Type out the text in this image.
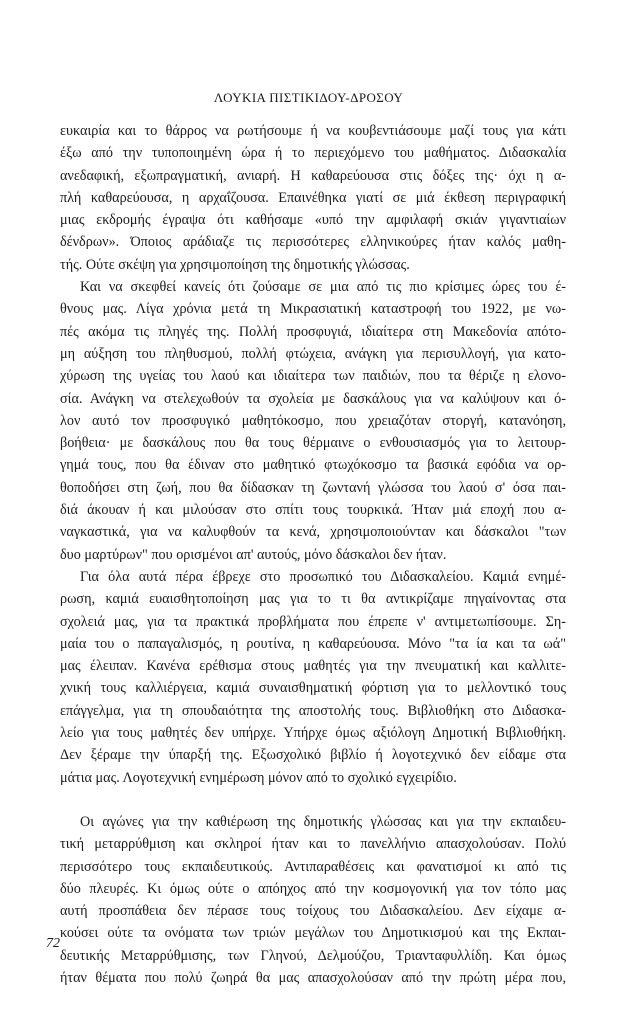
ΛΟΥΚΙΑ ΠΙΣΤΙΚΙΔΟΥ-ΔΡΟΣΟΥ
ευκαιρία και το θάρρος να ρωτήσουμε ή να κουβεντιάσουμε μαζί τους για κάτι
έξω από την τυποποιημένη ώρα ή το περιεχόμενο του μαθήματος. Διδασκαλία
ανεδαφική, εξωπραγματική, ανιαρή. Η καθαρεύουσα στις δόξες της· όχι η α-
πλή καθαρεύουσα, η αρχαΐζουσα. Επαινέθηκα γιατί σε μιά έκθεση περιγραφική
μιας εκδρομής έγραψα ότι καθήσαμε «υπό την αμφιλαφή σκιάν γιγαντιαίων
δένδρων». Όποιος αράδιαζε τις περισσότερες ελληνικούρες ήταν καλός μαθη-
τής. Ούτε σκέψη για χρησιμοποίηση της δημοτικής γλώσσας.
Και να σκεφθεί κανείς ότι ζούσαμε σε μια από τις πιο κρίσιμες ώρες του έ-
θνους μας. Λίγα χρόνια μετά τη Μικρασιατική καταστροφή του 1922, με νω-
πές ακόμα τις πληγές της. Πολλή προσφυγιά, ιδιαίτερα στη Μακεδονία απότο-
μη αύξηση του πληθυσμού, πολλή φτώχεια, ανάγκη για περισυλλογή, για κατο-
χύρωση της υγείας του λαού και ιδιαίτερα των παιδιών, που τα θέριζε η ελονο-
σία. Ανάγκη να στελεχωθούν τα σχολεία με δασκάλους για να καλύψουν και ό-
λον αυτό τον προσφυγικό μαθητόκοσμο, που χρειαζόταν στοργή, κατανόηση,
βοήθεια· με δασκάλους που θα τους θέρμαινε ο ενθουσιασμός για το λειτουρ-
γημά τους, που θα έδιναν στο μαθητικό φτωχόκοσμο τα βασικά εφόδια να ορ-
θοποδήσει στη ζωή, που θα δίδασκαν τη ζωντανή γλώσσα του λαού σ' όσα παι-
διά άκουαν ή και μιλούσαν στο σπίτι τους τουρκικά. Ήταν μιά εποχή που α-
ναγκαστικά, για να καλυφθούν τα κενά, χρησιμοποιούνταν και δάσκαλοι "των
δυο μαρτύρων" που ορισμένοι απ' αυτούς, μόνο δάσκαλοι δεν ήταν.
Για όλα αυτά πέρα έβρεχε στο προσωπικό του Διδασκαλείου. Καμιά ενημέ-
ρωση, καμιά ευαισθητοποίηση μας για το τι θα αντικρίζαμε πηγαίνοντας στα
σχολειά μας, για τα πρακτικά προβλήματα που έπρεπε ν' αντιμετωπίσουμε. Ση-
μαία του ο παπαγαλισμός, η ρουτίνα, η καθαρεύουσα. Μόνο "τα ία και τα ωά"
μας έλειπαν. Κανένα ερέθισμα στους μαθητές για την πνευματική και καλλιτε-
χνική τους καλλιέργεια, καμιά συναισθηματική φόρτιση για το μελλοντικό τους
επάγγελμα, για τη σπουδαιότητα της αποστολής τους. Βιβλιοθήκη στο Διδασκα-
λείο για τους μαθητές δεν υπήρχε. Υπήρχε όμως αξιόλογη Δημοτική Βιβλιοθήκη.
Δεν ξέραμε την ύπαρξή της. Εξωσχολικό βιβλίο ή λογοτεχνικό δεν είδαμε στα
μάτια μας. Λογοτεχνική ενημέρωση μόνον από το σχολικό εγχειρίδιο.
Οι αγώνες για την καθιέρωση της δημοτικής γλώσσας και για την εκπαιδευ-
τική μεταρρύθμιση και σκληροί ήταν και το πανελλήνιο απασχολούσαν. Πολύ
περισσότερο τους εκπαιδευτικούς. Αντιπαραθέσεις και φανατισμοί κι από τις
δύο πλευρές. Κι όμως ούτε ο απόηχος από την κοσμογονική για τον τόπο μας
αυτή προσπάθεια δεν πέρασε τους τοίχους του Διδασκαλείου. Δεν είχαμε α-
κούσει ούτε τα ονόματα των τριών μεγάλων του Δημοτικισμού και της Εκπαι-
δευτικής Μεταρρύθμισης, των Γληνού, Δελμούζου, Τριανταφυλλίδη. Και όμως
ήταν θέματα που πολύ ζωηρά θα μας απασχολούσαν από την πρώτη μέρα που,
72
